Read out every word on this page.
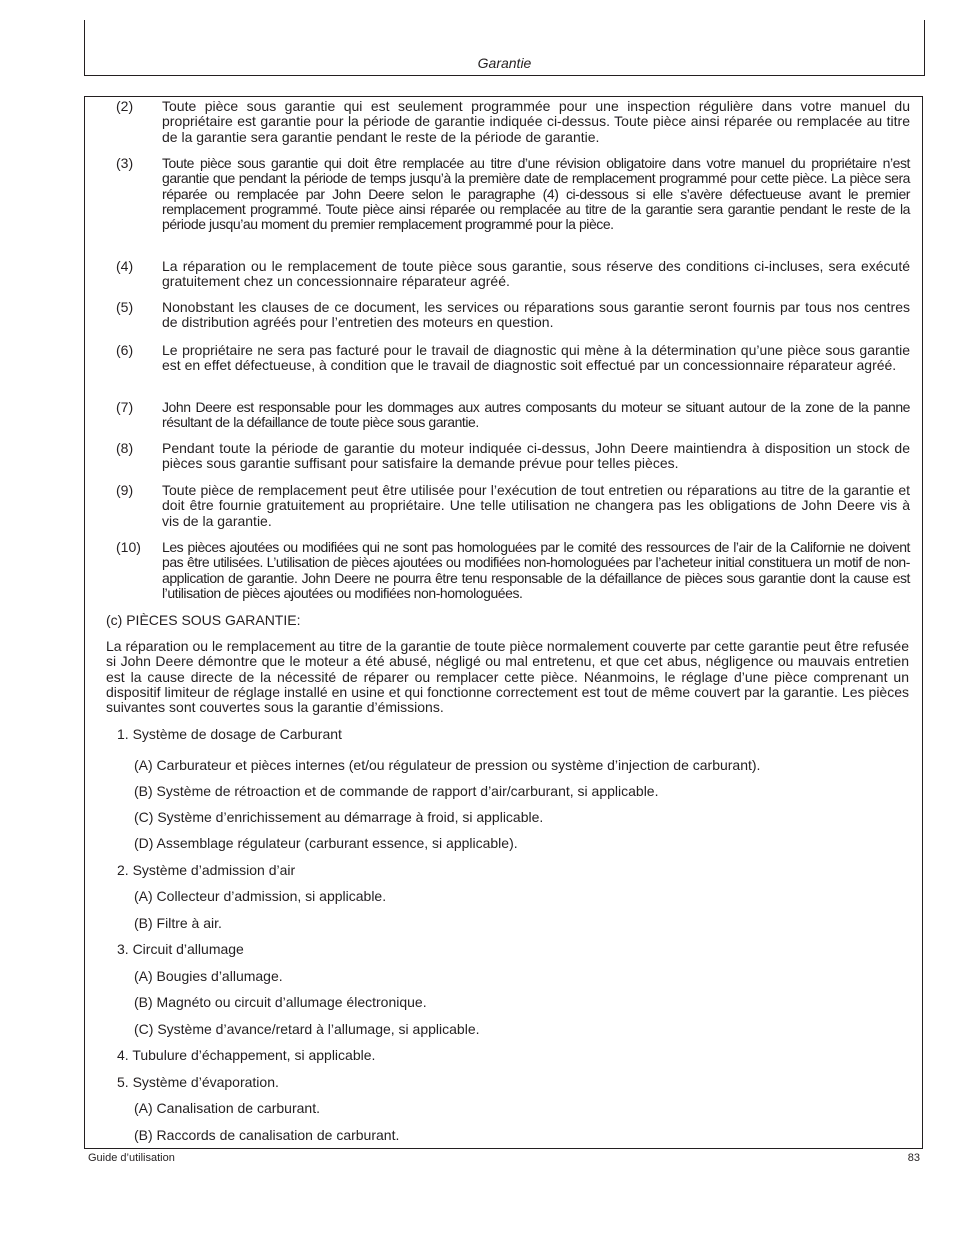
Garantie
(2) Toute pièce sous garantie qui est seulement programmée pour une inspection régulière dans votre manuel du propriétaire est garantie pour la période de garantie indiquée ci-dessus. Toute pièce ainsi réparée ou remplacée au titre de la garantie sera garantie pendant le reste de la période de garantie.
(3) Toute pièce sous garantie qui doit être remplacée au titre d’une révision obligatoire dans votre manuel du propriétaire n’est garantie que pendant la période de temps jusqu’à la première date de remplacement programmé pour cette pièce. La pièce sera réparée ou remplacée par John Deere selon le paragraphe (4) ci-dessous si elle s’avère défectueuse avant le premier remplacement programmé. Toute pièce ainsi réparée ou remplacée au titre de la garantie sera garantie pendant le reste de la période jusqu’au moment du premier remplacement programmé pour la pièce.
(4) La réparation ou le remplacement de toute pièce sous garantie, sous réserve des conditions ci-incluses, sera exécuté gratuitement chez un concessionnaire réparateur agréé.
(5) Nonobstant les clauses de ce document, les services ou réparations sous garantie seront fournis par tous nos centres de distribution agréés pour l’entretien des moteurs en question.
(6) Le propriétaire ne sera pas facturé pour le travail de diagnostic qui mène à la détermination qu’une pièce sous garantie est en effet défectueuse, à condition que le travail de diagnostic soit effectué par un concessionnaire réparateur agréé.
(7) John Deere est responsable pour les dommages aux autres composants du moteur se situant autour de la zone de la panne résultant de la défaillance de toute pièce sous garantie.
(8) Pendant toute la période de garantie du moteur indiquée ci-dessus, John Deere maintiendra à disposition un stock de pièces sous garantie suffisant pour satisfaire la demande prévue pour telles pièces.
(9) Toute pièce de remplacement peut être utilisée pour l’exécution de tout entretien ou réparations au titre de la garantie et doit être fournie gratuitement au propriétaire. Une telle utilisation ne changera pas les obligations de John Deere vis à vis de la garantie.
(10) Les pièces ajoutées ou modifiées qui ne sont pas homologuées par le comité des ressources de l’air de la Californie ne doivent pas être utilisées. L’utilisation de pièces ajoutées ou modifiées non-homologuées par l’acheteur initial constituera un motif de non-application de garantie. John Deere ne pourra être tenu responsable de la défaillance de pièces sous garantie dont la cause est l’utilisation de pièces ajoutées ou modifiées non-homologuées.
(c) PIÈCES SOUS GARANTIE:
La réparation ou le remplacement au titre de la garantie de toute pièce normalement couverte par cette garantie peut être refusée si John Deere démontre que le moteur a été abusé, négligé ou mal entretenu, et que cet abus, négligence ou mauvais entretien est la cause directe de la nécessité de réparer ou remplacer cette pièce. Néanmoins, le réglage d’une pièce comprenant un dispositif limiteur de réglage installé en usine et qui fonctionne correctement est tout de même couvert par la garantie. Les pièces suivantes sont couvertes sous la garantie d’émissions.
1. Système de dosage de Carburant
(A) Carburateur et pièces internes (et/ou régulateur de pression ou système d’injection de carburant).
(B) Système de rétroaction et de commande de rapport d’air/carburant, si applicable.
(C) Système d’enrichissement au démarrage à froid, si applicable.
(D) Assemblage régulateur (carburant essence, si applicable).
2. Système d’admission d’air
(A) Collecteur d’admission, si applicable.
(B) Filtre à air.
3. Circuit d’allumage
(A) Bougies d’allumage.
(B) Magnéto ou circuit d’allumage électronique.
(C) Système d’avance/retard à l’allumage, si applicable.
4. Tubulure d’échappement, si applicable.
5. Système d’évaporation.
(A) Canalisation de carburant.
(B) Raccords de canalisation de carburant.
Guide d’utilisation	83
